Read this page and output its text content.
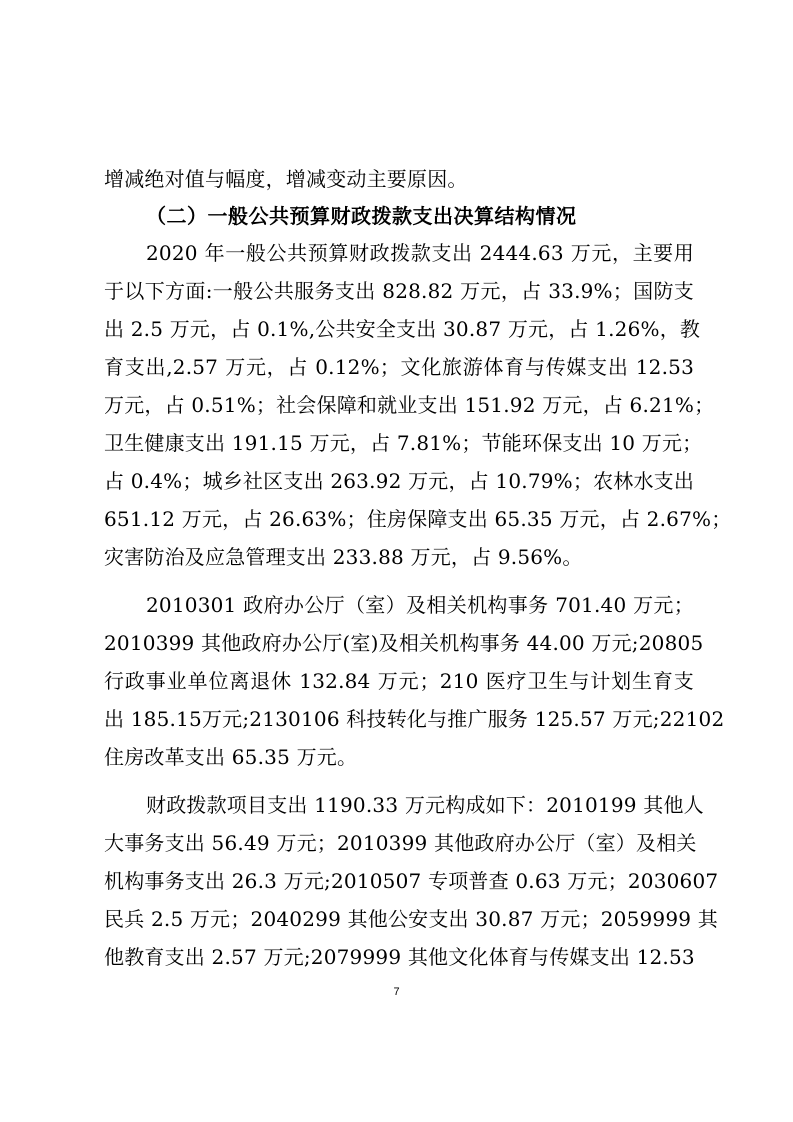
增减绝对值与幅度，增减变动主要原因。
（二）一般公共预算财政拨款支出决算结构情况
2020 年一般公共预算财政拨款支出 2444.63 万元，主要用
于以下方面:一般公共服务支出 828.82 万元，占 33.9%；国防支
出 2.5 万元，占 0.1%,公共安全支出 30.87 万元，占 1.26%，教
育支出,2.57 万元，占 0.12%；文化旅游体育与传媒支出 12.53
万元，占 0.51%；社会保障和就业支出 151.92 万元，占 6.21%；
卫生健康支出 191.15 万元，占 7.81%；节能环保支出 10 万元；
占 0.4%；城乡社区支出 263.92 万元，占 10.79%；农林水支出
651.12 万元，占 26.63%；住房保障支出 65.35 万元，占 2.67%；
灾害防治及应急管理支出 233.88 万元，占 9.56%。
2010301 政府办公厅（室）及相关机构事务 701.40 万元；
2010399 其他政府办公厅(室)及相关机构事务 44.00 万元;20805
行政事业单位离退休 132.84 万元；210 医疗卫生与计划生育支
出 185.15万元;2130106 科技转化与推广服务 125.57 万元;22102
住房改革支出 65.35 万元。
财政拨款项目支出 1190.33 万元构成如下：2010199 其他人
大事务支出 56.49 万元；2010399 其他政府办公厅（室）及相关
机构事务支出 26.3 万元;2010507 专项普查 0.63 万元；2030607
民兵 2.5 万元；2040299 其他公安支出 30.87 万元；2059999 其
他教育支出 2.57 万元;2079999 其他文化体育与传媒支出 12.53
7
